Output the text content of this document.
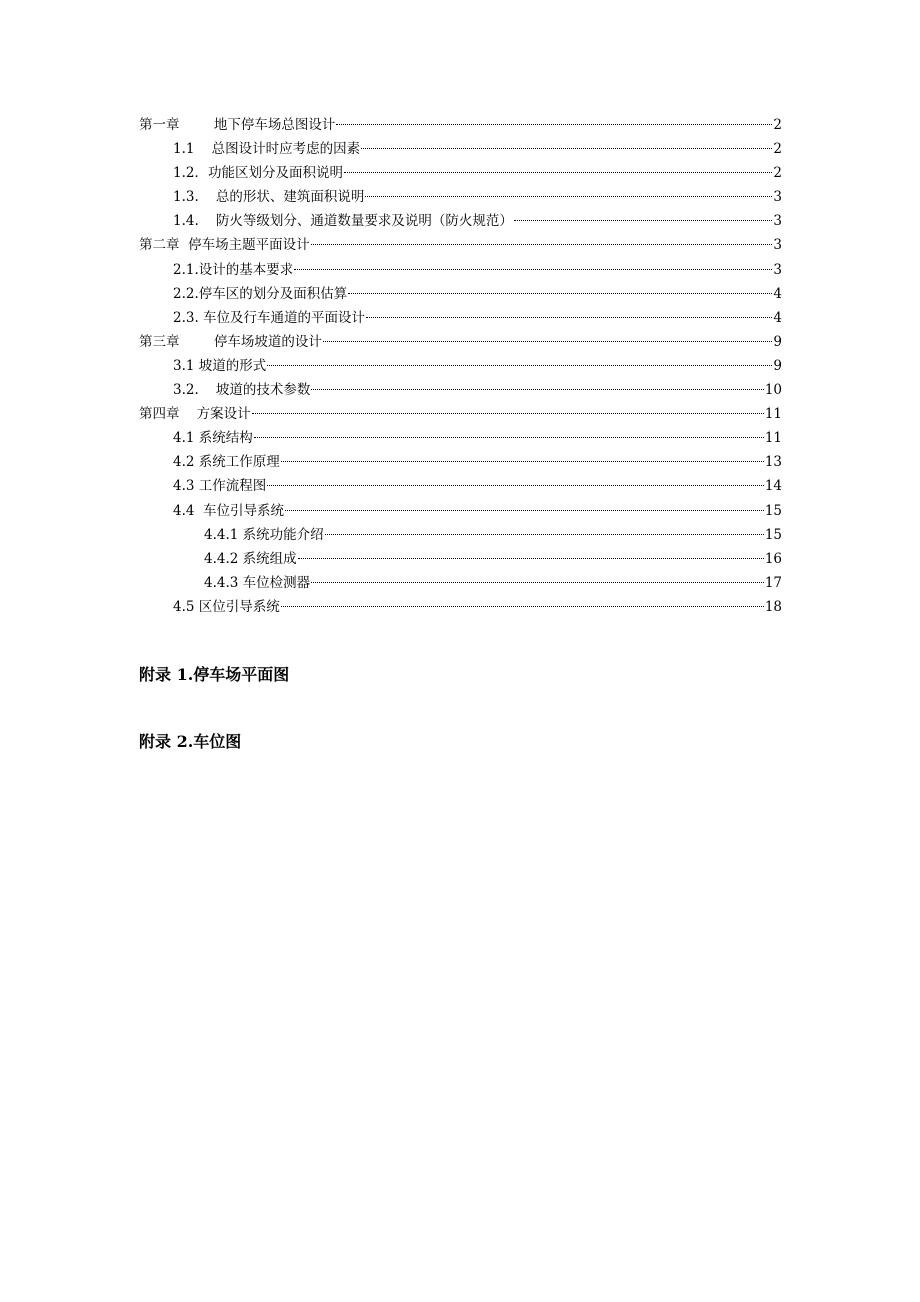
第一章        地下停车场总图设计	2
1.1    总图设计时应考虑的因素	2
1.2．功能区划分及面积说明	2
1.3.    总的形状、建筑面积说明	3
1.4.    防火等级划分、通道数量要求及说明（防火规范）	3
第二章  停车场主题平面设计	3
2.1.设计的基本要求	3
2.2.停车区的划分及面积估算	4
2.3. 车位及行车通道的平面设计	4
第三章        停车场坡道的设计	9
3.1 坡道的形式	9
3.2.    坡道的技术参数	10
第四章    方案设计	11
4.1 系统结构	11
4.2 系统工作原理	13
4.3 工作流程图	14
4.4  车位引导系统	15
4.4.1 系统功能介绍	15
4.4.2 系统组成	16
4.4.3 车位检测器	17
4.5 区位引导系统	18
附录 1.停车场平面图
附录 2.车位图
